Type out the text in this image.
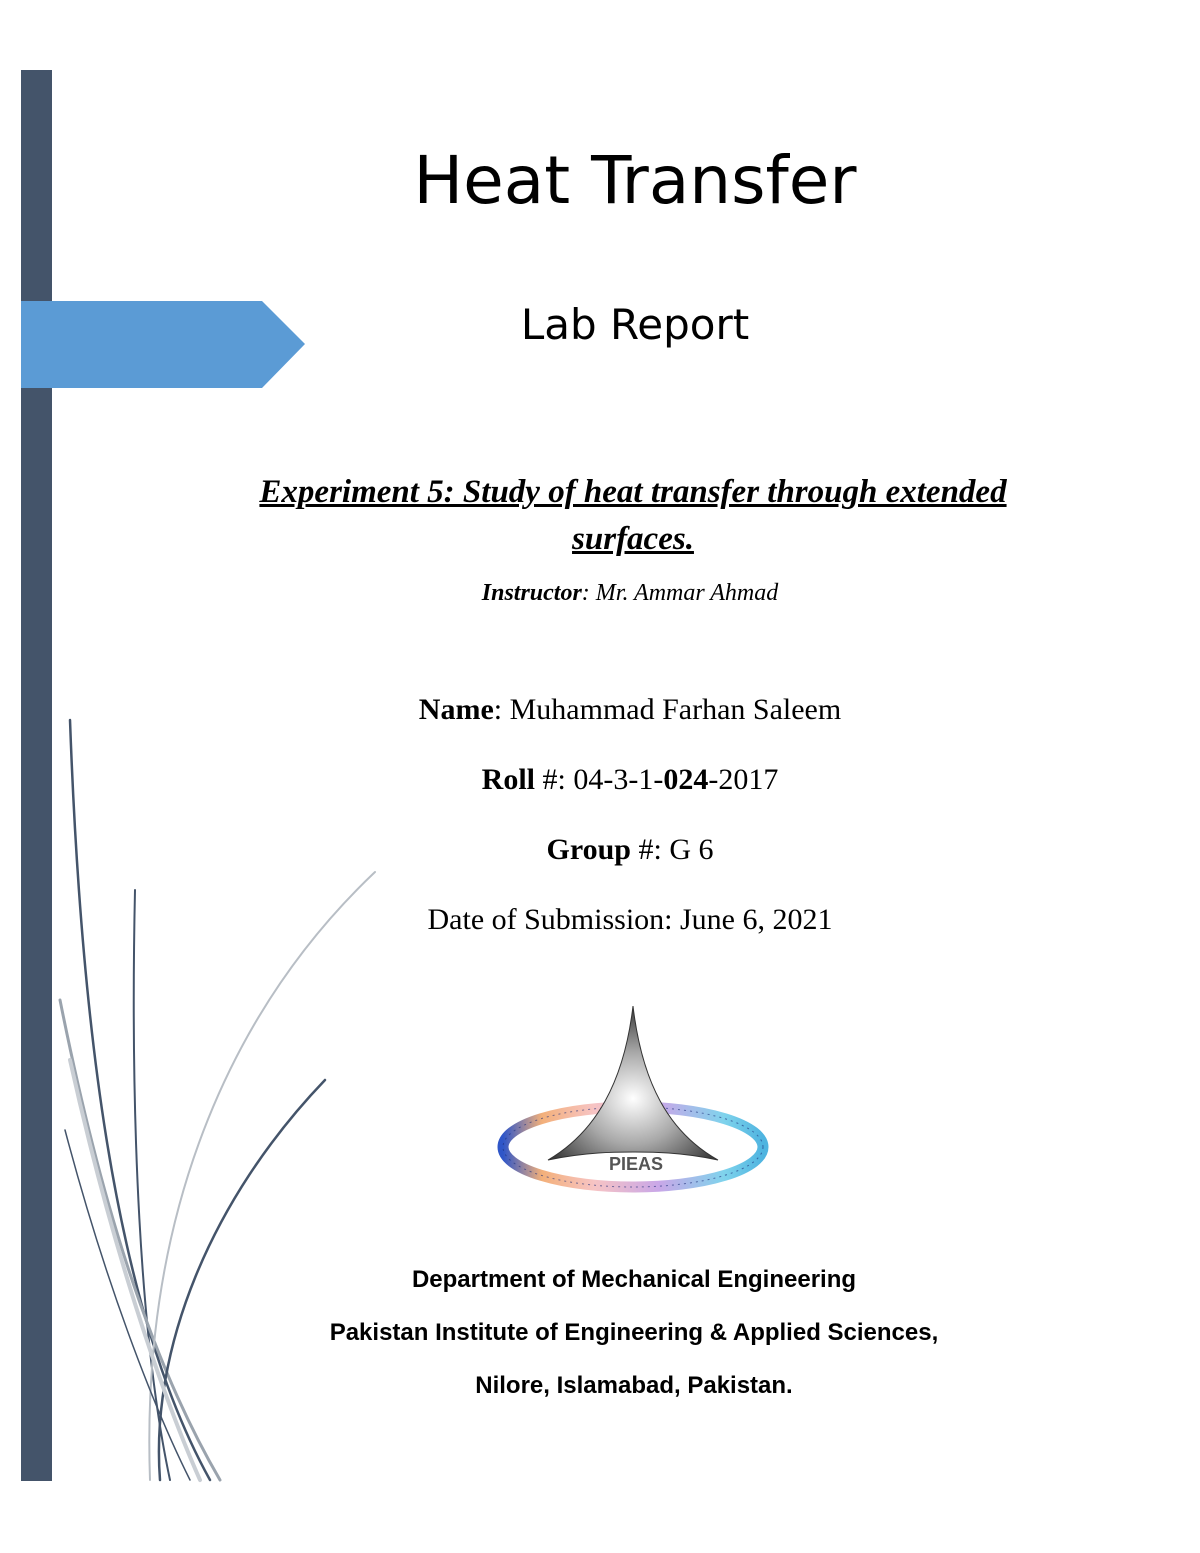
Heat Transfer
Lab Report
Experiment 5: Study of heat transfer through extended surfaces.
Instructor: Mr. Ammar Ahmad
Name: Muhammad Farhan Saleem
Roll #: 04-3-1-024-2017
Group #: G 6
Date of Submission: June 6, 2021
PIEAS
Department of Mechanical Engineering
Pakistan Institute of Engineering & Applied Sciences,
Nilore, Islamabad, Pakistan.
